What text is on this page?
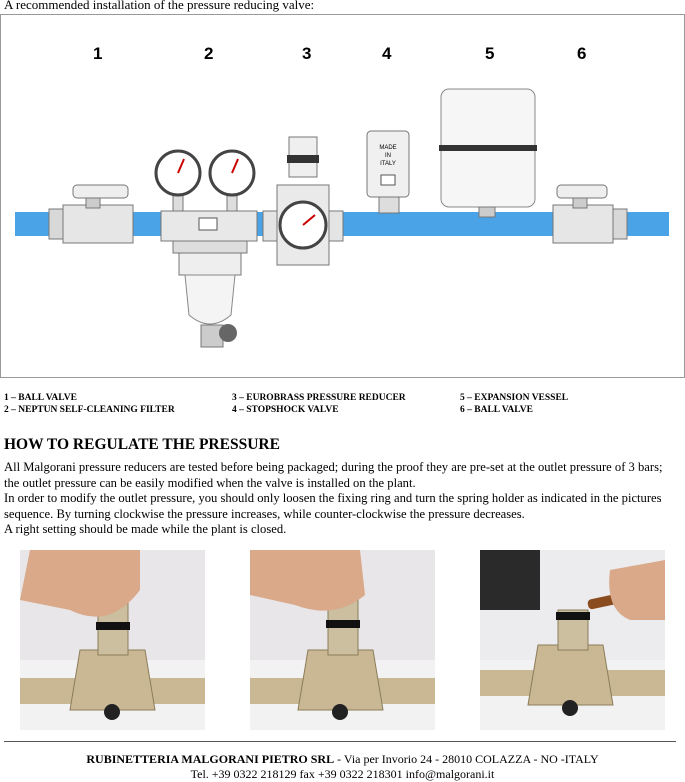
A recommended installation of the pressure reducing valve:
1	2	3	4	5	6
MADE
IN
ITALY
1 – BALL VALVE
2 – NEPTUN SELF-CLEANING FILTER
3 – EUROBRASS PRESSURE REDUCER
4 – STOPSHOCK VALVE
5 – EXPANSION VESSEL
6 – BALL VALVE
HOW TO REGULATE THE PRESSURE

All Malgorani pressure reducers are tested before being packaged; during the proof they are pre-set at the outlet pressure of 3 bars; the outlet pressure can be easily modified when the valve is installed on the plant.

In order to modify the outlet pressure, you should only loosen the fixing ring and turn the spring holder as indicated in the pictures sequence. By turning clockwise the pressure increases, while counter-clockwise the pressure decreases.

A right setting should be made while the plant is closed.

RUBINETTERIA MALGORANI PIETRO SRL - Via per Invorio 24 - 28010 COLAZZA - NO -ITALY
Tel. +39 0322 218129 fax +39 0322 218301 info@malgorani.it
